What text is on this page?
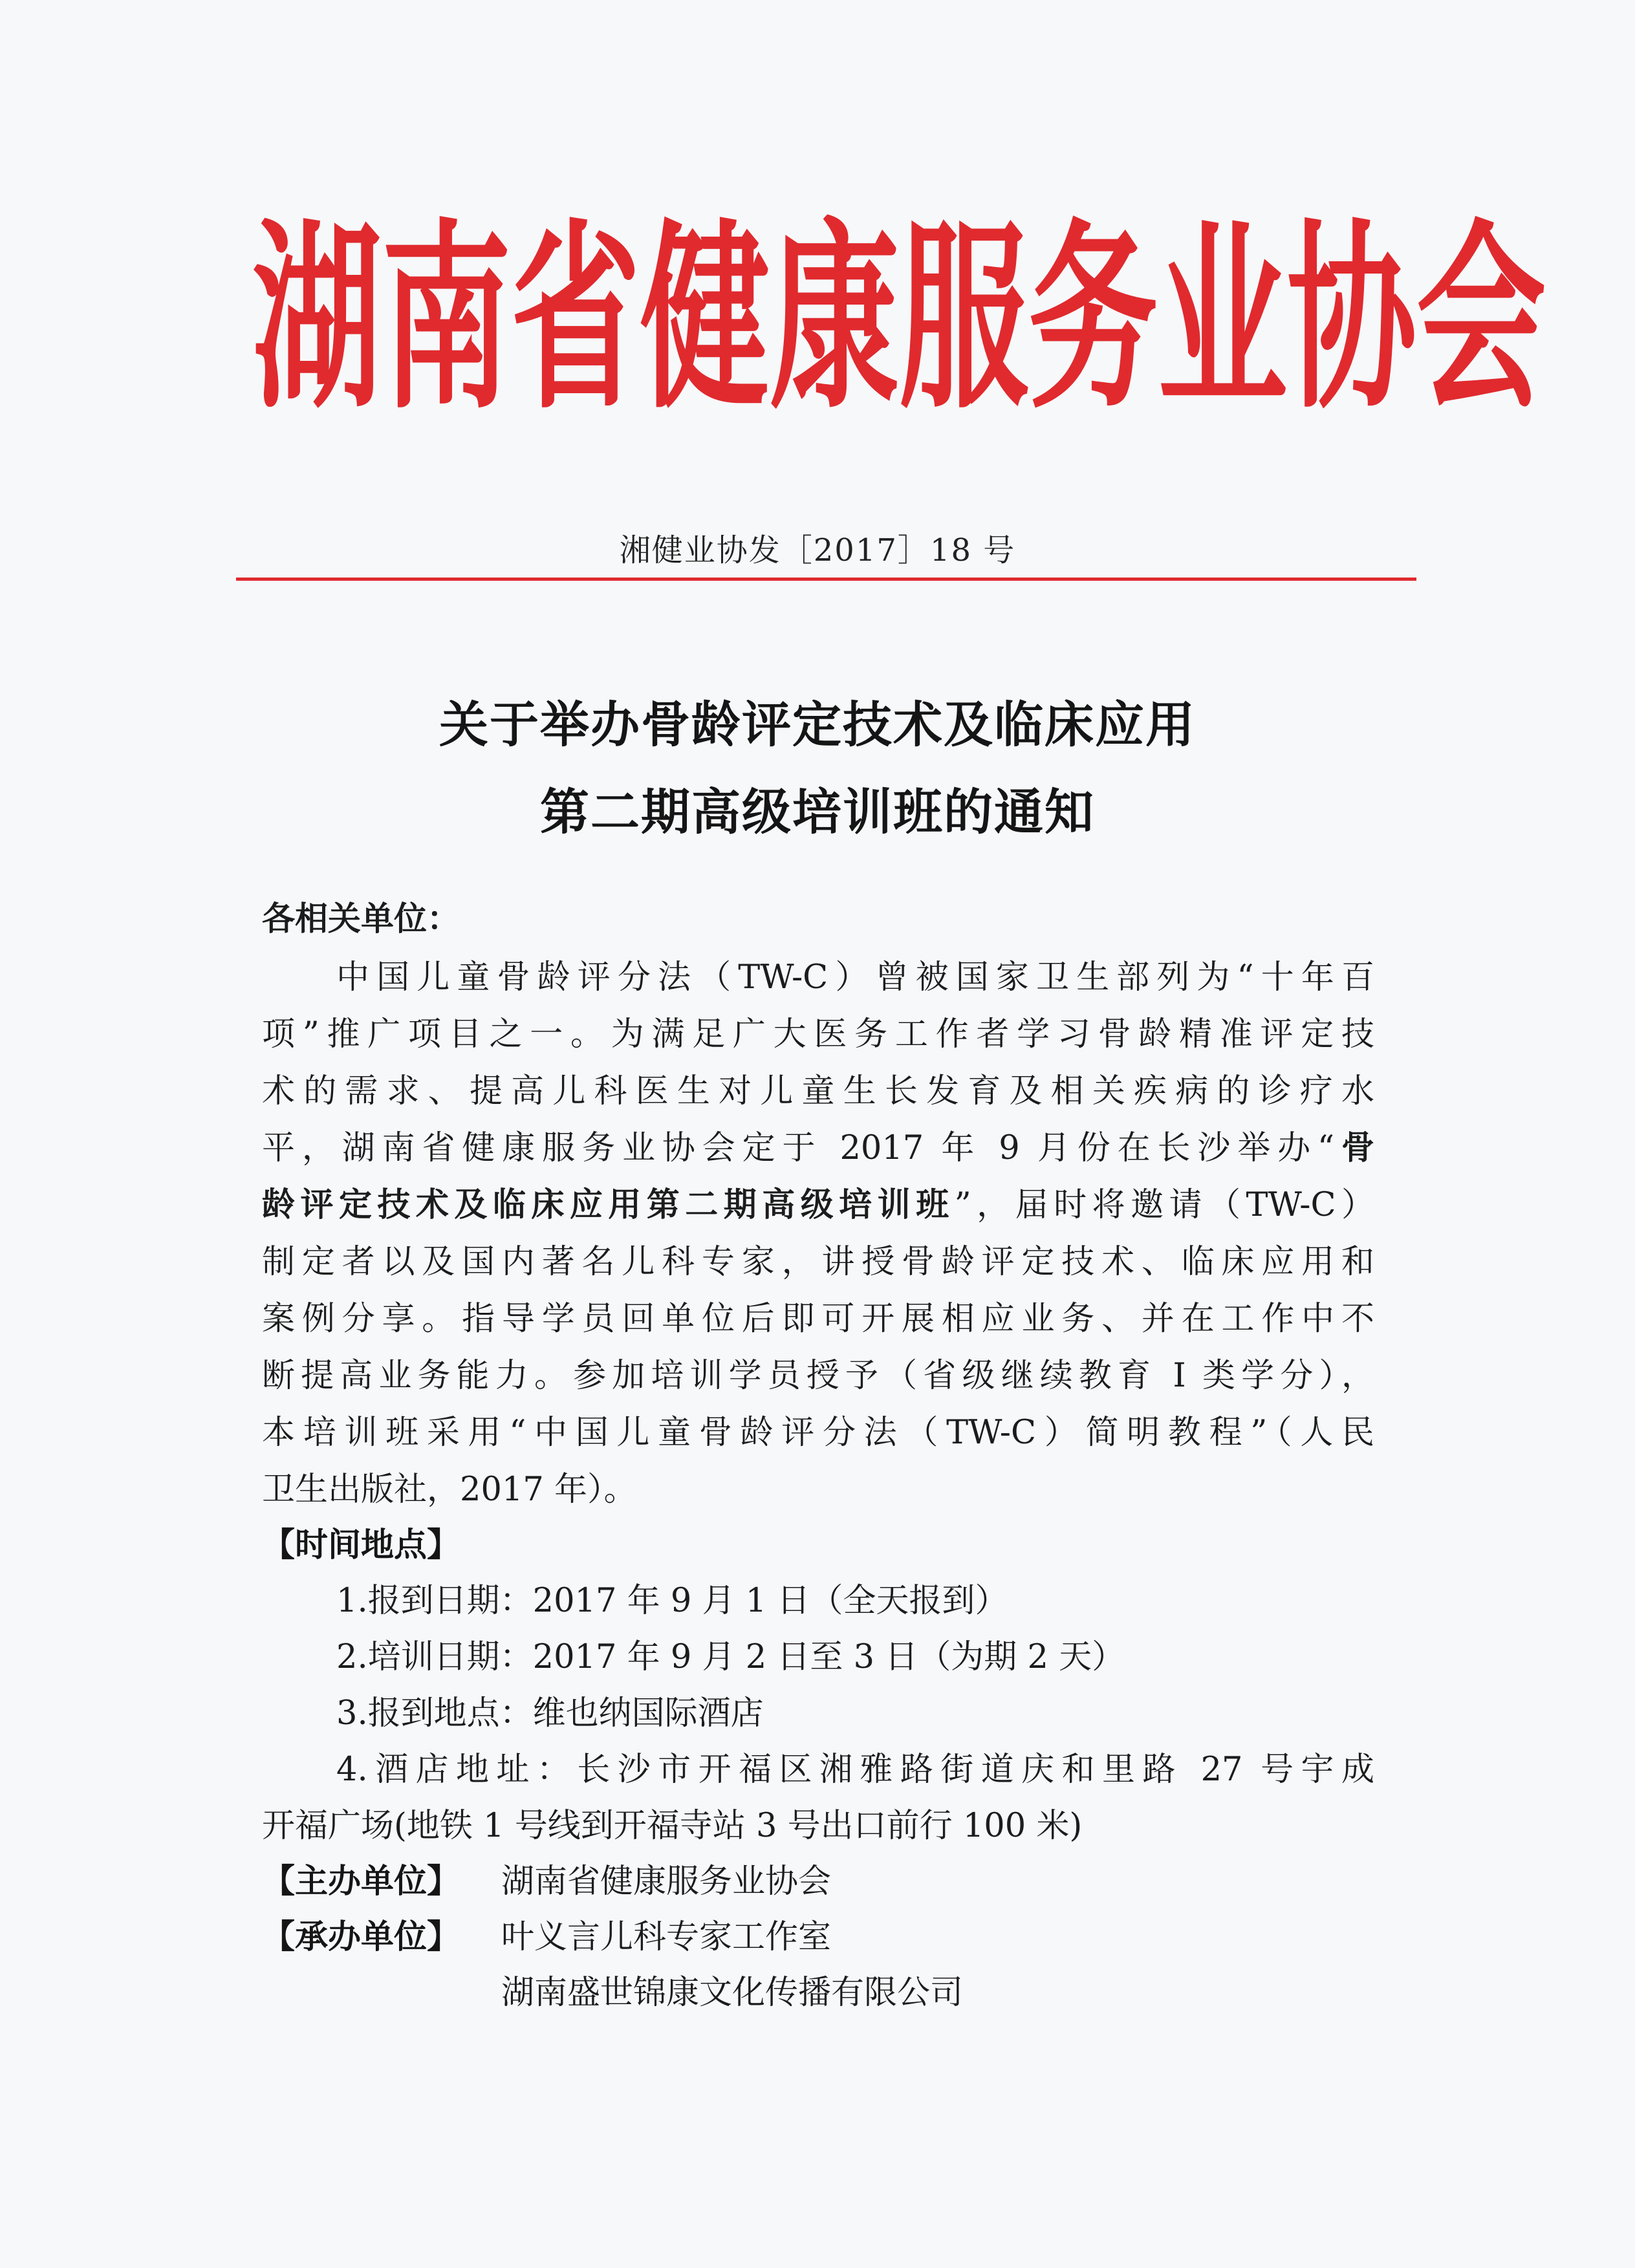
湖 南 省 健 康 服 务 业 协 会
湘健业协发［2017］18 号
关于举办骨龄评定技术及临床应用
第二期高级培训班的通知
各相关单位：
中国儿童骨龄评分法（TW-C）曾被国家卫生部列为“十年百
项”推广项目之一。为满足广大医务工作者学习骨龄精准评定技
术的需求、提高儿科医生对儿童生长发育及相关疾病的诊疗水
平，湖南省健康服务业协会定于 2017 年 9 月份在长沙举办“骨
龄评定技术及临床应用第二期高级培训班”，届时将邀请（TW-C）
制定者以及国内著名儿科专家，讲授骨龄评定技术、临床应用和
案例分享。指导学员回单位后即可开展相应业务、并在工作中不
断提高业务能力。参加培训学员授予（省级继续教育 I 类学分），
本培训班采用“中国儿童骨龄评分法（TW-C）简明教程”（人民
卫生出版社，2017 年）。
【时间地点】
1.报到日期：2017 年 9 月 1 日（全天报到）
2.培训日期：2017 年 9 月 2 日至 3 日（为期 2 天）
3.报到地点：维也纳国际酒店
4.酒店地址：长沙市开福区湘雅路街道庆和里路 27 号宇成
开福广场(地铁 1 号线到开福寺站 3 号出口前行 100 米)
【主办单位】 湖南省健康服务业协会
【承办单位】 叶义言儿科专家工作室
湖南盛世锦康文化传播有限公司
